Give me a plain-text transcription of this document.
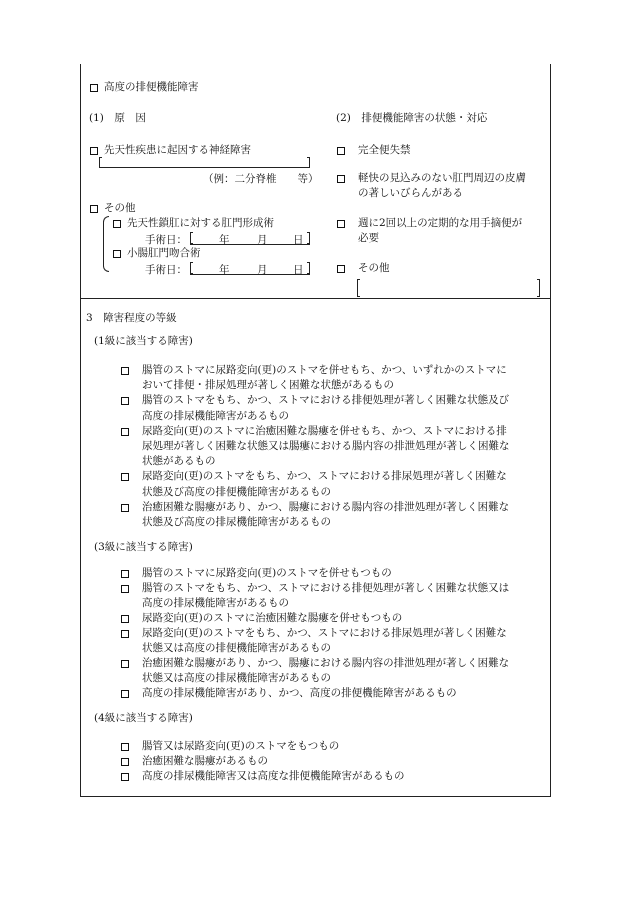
高度の排便機能障害
(1)　原　因
先天性疾患に起因する神経障害
（例：二分脊椎　　等）
その他
先天性鎖肛に対する肛門形成術
手術日：	年	月 日
小腸肛門吻合術
手術日：	年	月 日
(2)　排便機能障害の状態・対応
完全便失禁
軽快の見込みのない肛門周辺の皮膚
の著しいびらんがある
週に2回以上の定期的な用手摘便が
必要
その他
3　障害程度の等級
(1級に該当する障害)
腸管のストマに尿路変向(更)のストマを併せもち、かつ、いずれかのストマに
おいて排便・排尿処理が著しく困難な状態があるもの
腸管のストマをもち、かつ、ストマにおける排便処理が著しく困難な状態及び
高度の排尿機能障害があるもの
尿路変向(更)のストマに治癒困難な腸瘻を併せもち、かつ、ストマにおける排
尿処理が著しく困難な状態又は腸瘻における腸内容の排泄処理が著しく困難な
状態があるもの
尿路変向(更)のストマをもち、かつ、ストマにおける排尿処理が著しく困難な
状態及び高度の排便機能障害があるもの
治癒困難な腸瘻があり、かつ、腸瘻における腸内容の排泄処理が著しく困難な
状態及び高度の排尿機能障害があるもの
(3級に該当する障害)
腸管のストマに尿路変向(更)のストマを併せもつもの
腸管のストマをもち、かつ、ストマにおける排便処理が著しく困難な状態又は
高度の排尿機能障害があるもの
尿路変向(更)のストマに治癒困難な腸瘻を併せもつもの
尿路変向(更)のストマをもち、かつ、ストマにおける排尿処理が著しく困難な
状態又は高度の排便機能障害があるもの
治癒困難な腸瘻があり、かつ、腸瘻における腸内容の排泄処理が著しく困難な
状態又は高度の排尿機能障害があるもの
高度の排尿機能障害があり、かつ、高度の排便機能障害があるもの
(4級に該当する障害)
腸管又は尿路変向(更)のストマをもつもの
治癒困難な腸瘻があるもの
高度の排尿機能障害又は高度な排便機能障害があるもの
